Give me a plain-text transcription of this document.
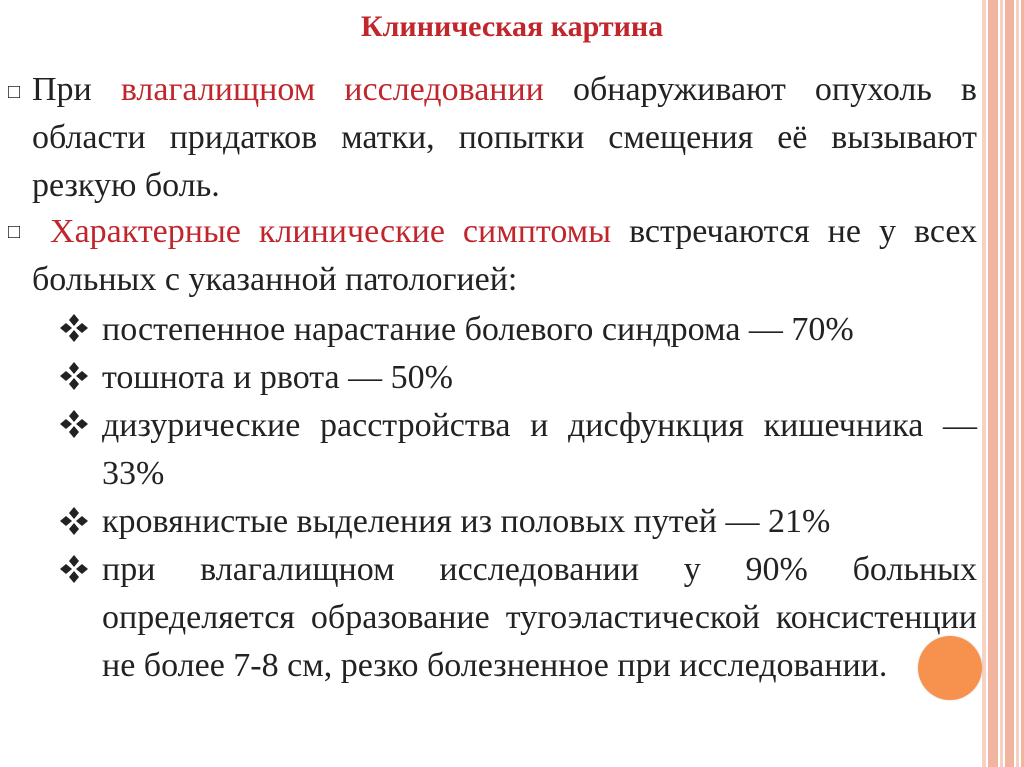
Клиническая картина
□ При влагалищном исследовании обнаруживают опухоль в области придатков матки, попытки смещения её вызывают резкую боль.
□ Характерные клинические симптомы встречаются не у всех больных с указанной патологией:
постепенное нарастание болевого синдрома — 70%
тошнота и рвота — 50%
дизурические расстройства и дисфункция кишечника — 33%
кровянистые выделения из половых путей — 21%
при влагалищном исследовании у 90% больных определяется образование тугоэластической консистенции не более 7-8 см, резко болезненное при исследовании.
